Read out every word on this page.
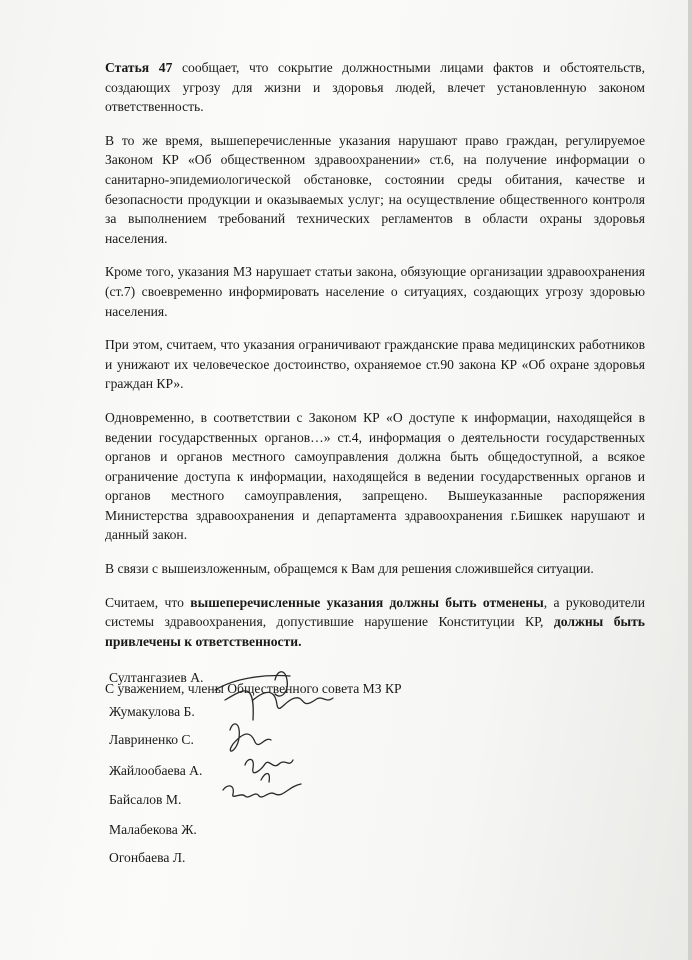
Статья 47 сообщает, что сокрытие должностными лицами фактов и обстоятельств, создающих угрозу для жизни и здоровья людей, влечет установленную законом ответственность.

В то же время, вышеперечисленные указания нарушают право граждан, регулируемое Законом КР «Об общественном здравоохранении» ст.6, на получение информации о санитарно-эпидемиологической обстановке, состоянии среды обитания, качестве и безопасности продукции и оказываемых услуг; на осуществление общественного контроля за выполнением требований технических регламентов в области охраны здоровья населения.

Кроме того, указания МЗ нарушает статьи закона, обязующие организации здравоохранения (ст.7) своевременно информировать население о ситуациях, создающих угрозу здоровью населения.

При этом, считаем, что указания ограничивают гражданские права медицинских работников и унижают их человеческое достоинство, охраняемое ст.90 закона КР «Об охране здоровья граждан КР».

Одновременно, в соответствии с Законом КР «О доступе к информации, находящейся в ведении государственных органов…» ст.4, информация о деятельности государственных органов и органов местного самоуправления должна быть общедоступной, а всякое ограничение доступа к информации, находящейся в ведении государственных органов и органов местного самоуправления, запрещено. Вышеуказанные распоряжения Министерства здравоохранения и департамента здравоохранения г.Бишкек нарушают и данный закон.

В связи с вышеизложенным, обращемся к Вам для решения сложившейся ситуации.

Считаем, что вышеперечисленные указания должны быть отменены, а руководители системы здравоохранения, допустившие нарушение Конституции КР, должны быть привлечены к ответственности.

С уважением, члены Общественного совета МЗ КР

Султангазиев А.
Жумакулова Б.
Лавриненко С.
Жайлообаева А.
Байсалов М.
Малабекова Ж.
Огонбаева Л.
